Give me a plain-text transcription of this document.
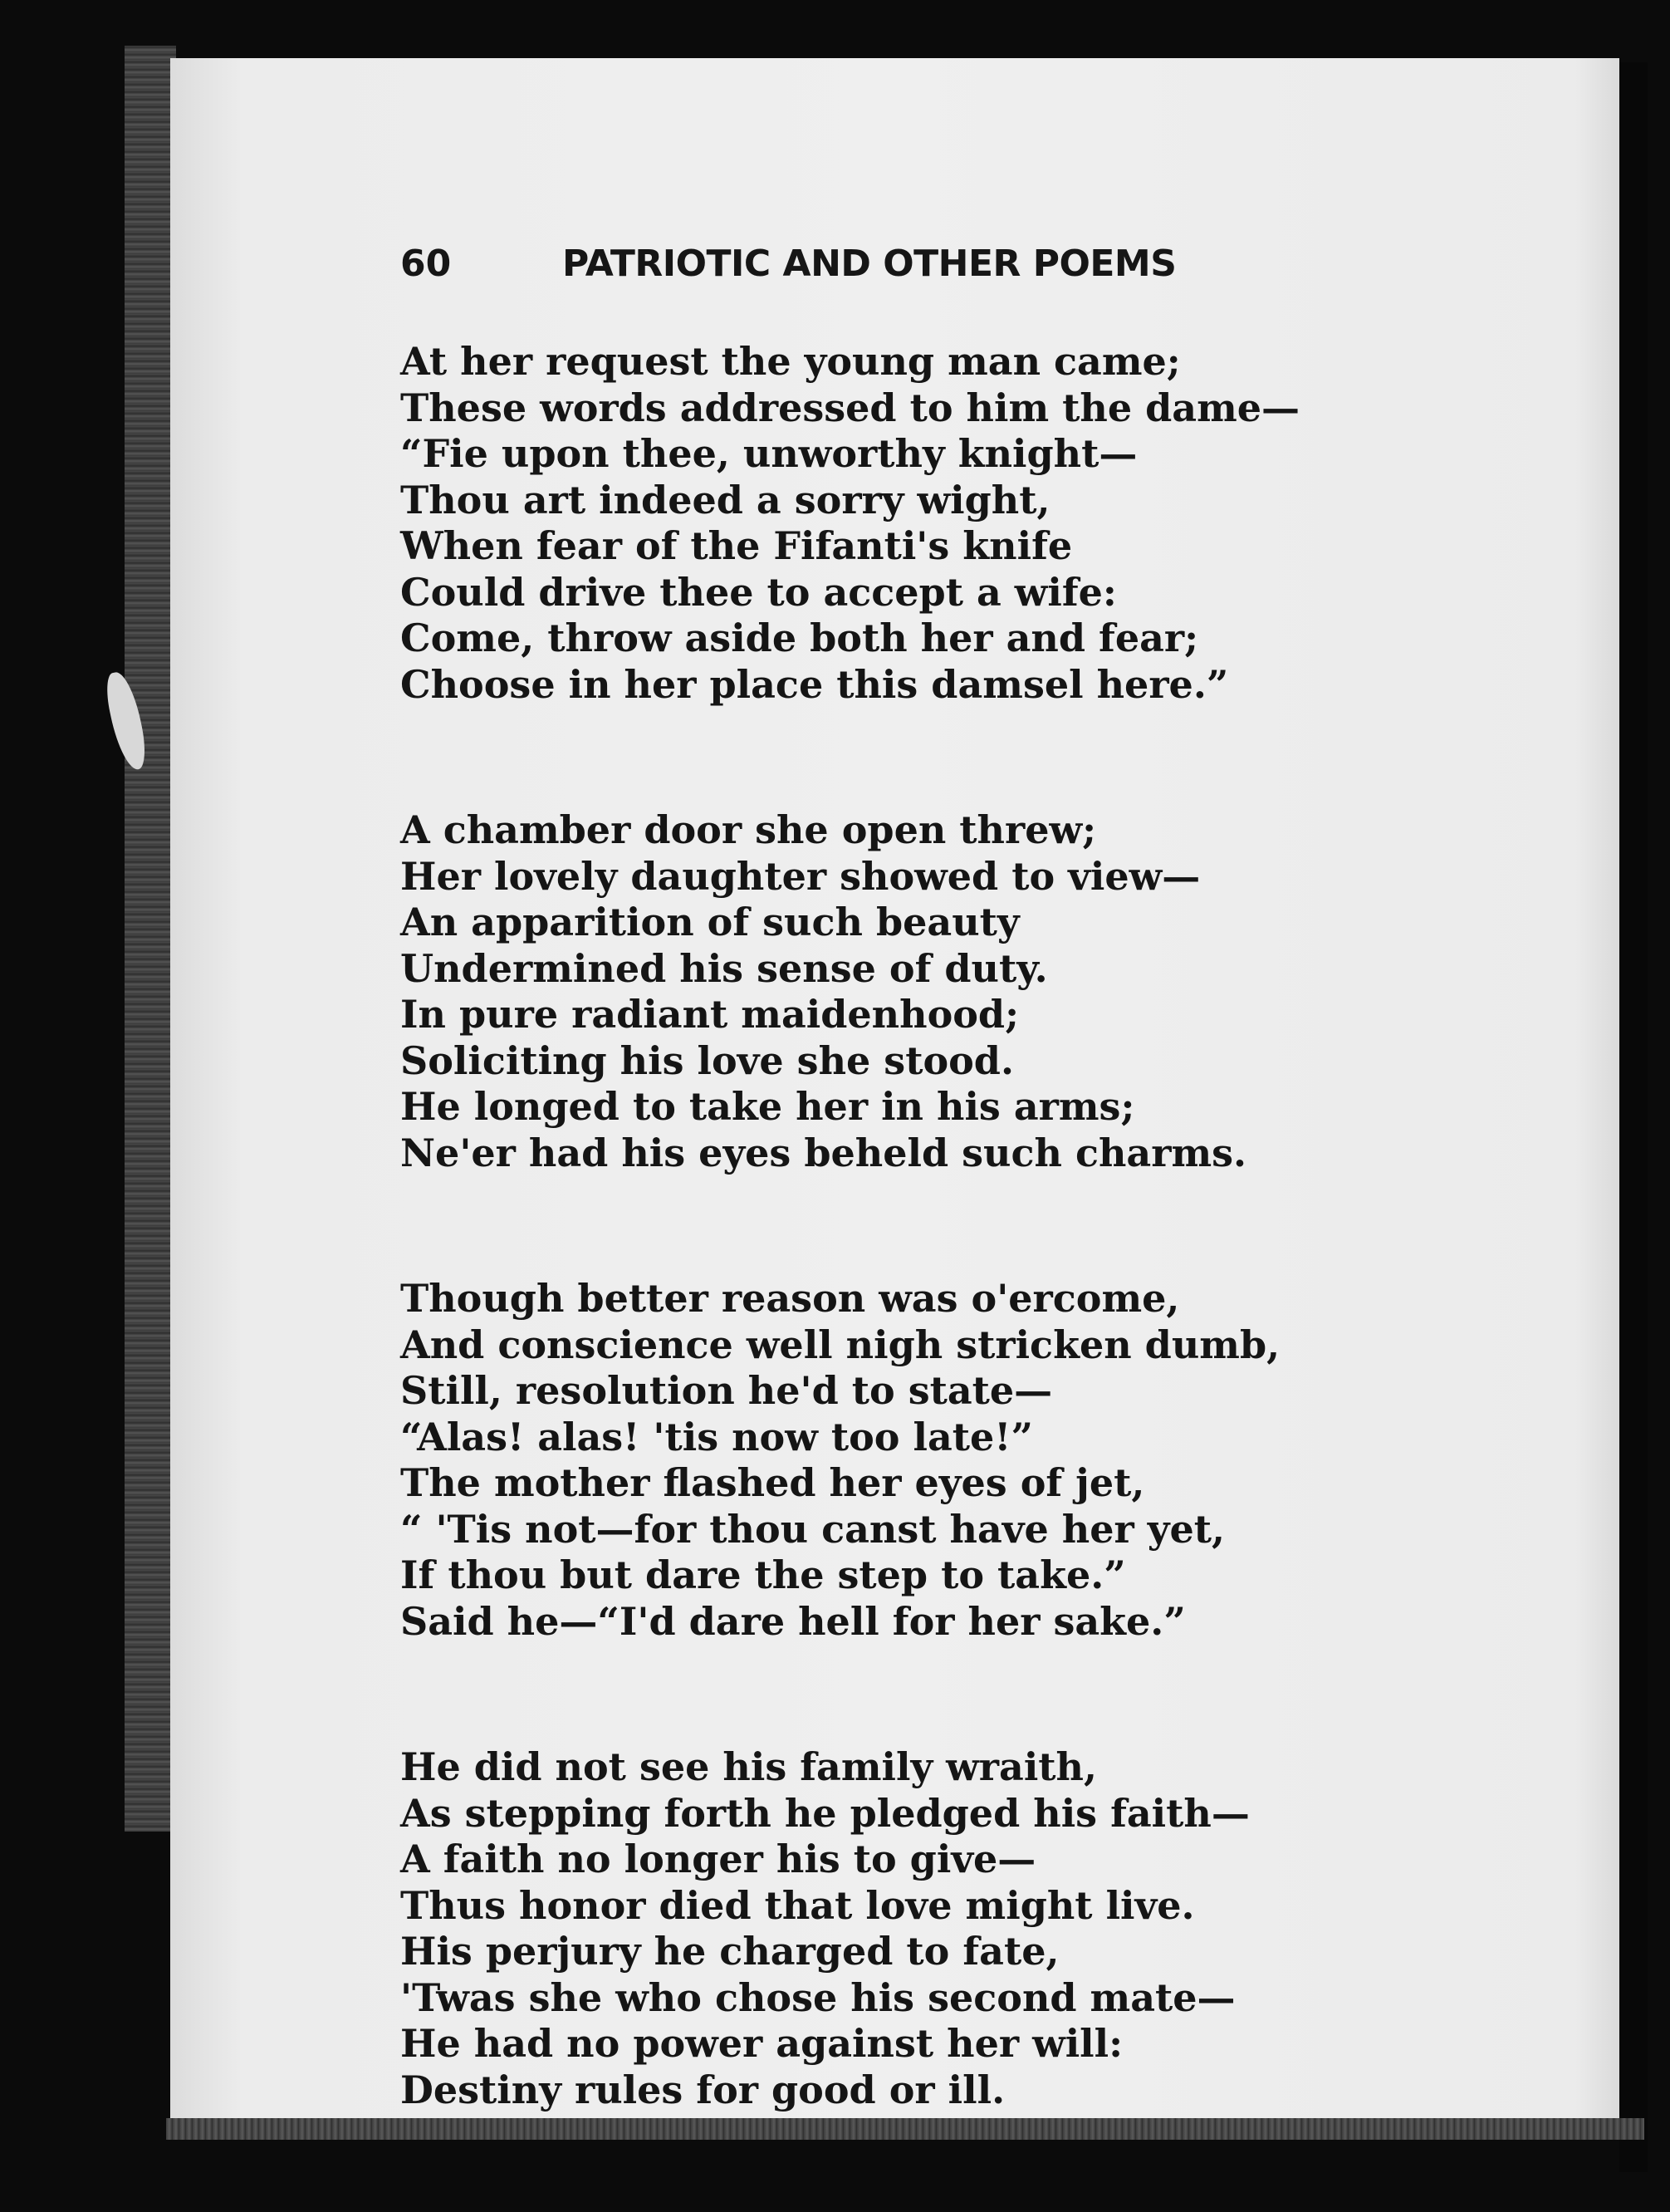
60	PATRIOTIC AND OTHER POEMS
At her request the young man came;
These words addressed to him the dame—
“Fie upon thee, unworthy knight—
Thou art indeed a sorry wight,
When fear of the Fifanti's knife
Could drive thee to accept a wife:
Come, throw aside both her and fear;
Choose in her place this damsel here.”
A chamber door she open threw;
Her lovely daughter showed to view—
An apparition of such beauty
Undermined his sense of duty.
In pure radiant maidenhood;
Soliciting his love she stood.
He longed to take her in his arms;
Ne'er had his eyes beheld such charms.
Though better reason was o'ercome,
And conscience well nigh stricken dumb,
Still, resolution he'd to state—
“Alas! alas! 'tis now too late!”
The mother flashed her eyes of jet,
“ 'Tis not—for thou canst have her yet,
If thou but dare the step to take.”
Said he—“I'd dare hell for her sake.”
He did not see his family wraith,
As stepping forth he pledged his faith—
A faith no longer his to give—
Thus honor died that love might live.
His perjury he charged to fate,
'Twas she who chose his second mate—
He had no power against her will:
Destiny rules for good or ill.
